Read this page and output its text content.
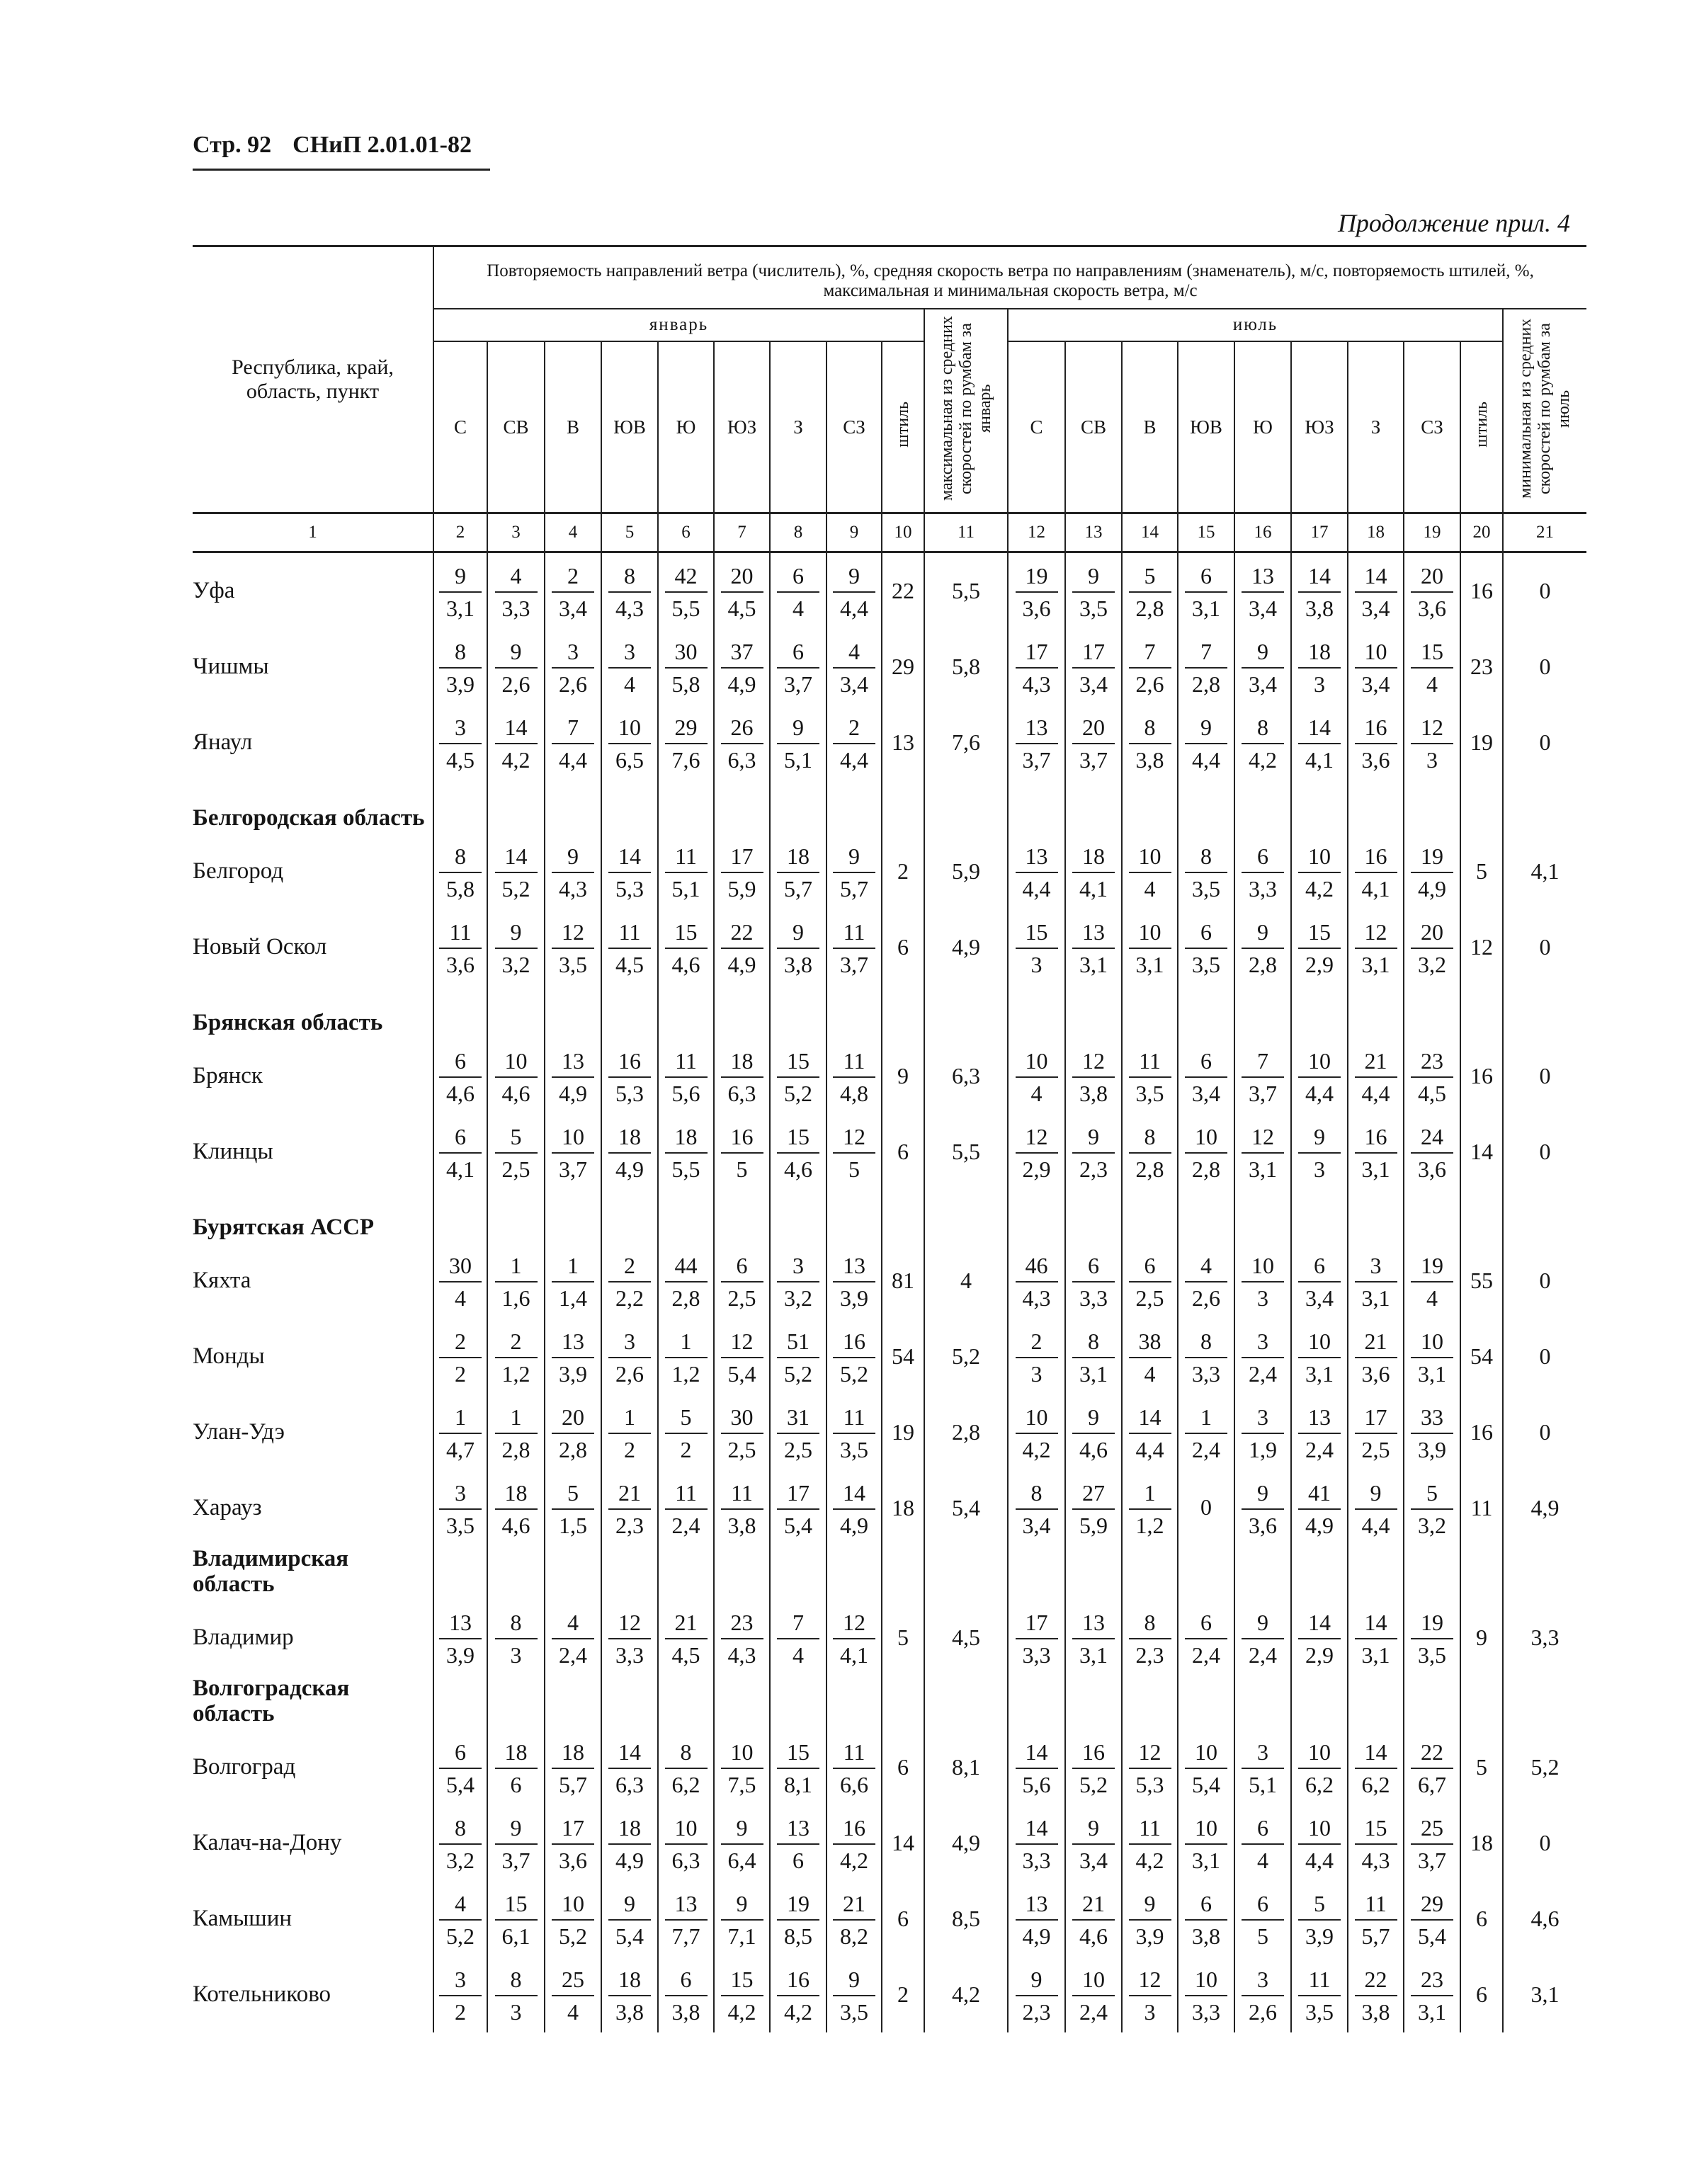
Стр. 92 СНиП 2.01.01-82
Продолжение прил. 4
Республика, край, область, пункт	Повторяемость направлений ветра (числитель), %, средняя скорость ветра по направлениям (знаменатель), м/с, повторяемость штилей, %, максимальная и минимальная скорость ветра, м/с																			
	январь									максимальная из средних скоростей по румбам за январь	июль									минимальная из средних скоростей по румбам за июль
	С	СВ	В	ЮВ	Ю	ЮЗ	З	СЗ	штиль		С	СВ	В	ЮВ	Ю	ЮЗ	З	СЗ	штиль	
1	2	3	4	5	6	7	8	9	10	11	12	13	14	15	16	17	18	19	20	21
Уфа	$\frac{9}{3,1}$	$\frac{4}{3,3}$	$\frac{2}{3,4}$	$\frac{8}{4,3}$	$\frac{42}{5,5}$	$\frac{20}{4,5}$	$\frac{6}{4}$	$\frac{9}{4,4}$	22	5,5	$\frac{19}{3,6}$	$\frac{9}{3,5}$	$\frac{5}{2,8}$	$\frac{6}{3,1}$	$\frac{13}{3,4}$	$\frac{14}{3,8}$	$\frac{14}{3,4}$	$\frac{20}{3,6}$	16	0
Чишмы	$\frac{8}{3,9}$	$\frac{9}{2,6}$	$\frac{3}{2,6}$	$\frac{3}{4}$	$\frac{30}{5,8}$	$\frac{37}{4,9}$	$\frac{6}{3,7}$	$\frac{4}{3,4}$	29	5,8	$\frac{17}{4,3}$	$\frac{17}{3,4}$	$\frac{7}{2,6}$	$\frac{7}{2,8}$	$\frac{9}{3,4}$	$\frac{18}{3}$	$\frac{10}{3,4}$	$\frac{15}{4}$	23	0
Янаул	$\frac{3}{4,5}$	$\frac{14}{4,2}$	$\frac{7}{4,4}$	$\frac{10}{6,5}$	$\frac{29}{7,6}$	$\frac{26}{6,3}$	$\frac{9}{5,1}$	$\frac{2}{4,4}$	13	7,6	$\frac{13}{3,7}$	$\frac{20}{3,7}$	$\frac{8}{3,8}$	$\frac{9}{4,4}$	$\frac{8}{4,2}$	$\frac{14}{4,1}$	$\frac{16}{3,6}$	$\frac{12}{3}$	19	0
Белгородская область																				
Белгород	$\frac{8}{5,8}$	$\frac{14}{5,2}$	$\frac{9}{4,3}$	$\frac{14}{5,3}$	$\frac{11}{5,1}$	$\frac{17}{5,9}$	$\frac{18}{5,7}$	$\frac{9}{5,7}$	2	5,9	$\frac{13}{4,4}$	$\frac{18}{4,1}$	$\frac{10}{4}$	$\frac{8}{3,5}$	$\frac{6}{3,3}$	$\frac{10}{4,2}$	$\frac{16}{4,1}$	$\frac{19}{4,9}$	5	4,1
Новый Оскол	$\frac{11}{3,6}$	$\frac{9}{3,2}$	$\frac{12}{3,5}$	$\frac{11}{4,5}$	$\frac{15}{4,6}$	$\frac{22}{4,9}$	$\frac{9}{3,8}$	$\frac{11}{3,7}$	6	4,9	$\frac{15}{3}$	$\frac{13}{3,1}$	$\frac{10}{3,1}$	$\frac{6}{3,5}$	$\frac{9}{2,8}$	$\frac{15}{2,9}$	$\frac{12}{3,1}$	$\frac{20}{3,2}$	12	0
Брянская область																				
Брянск	$\frac{6}{4,6}$	$\frac{10}{4,6}$	$\frac{13}{4,9}$	$\frac{16}{5,3}$	$\frac{11}{5,6}$	$\frac{18}{6,3}$	$\frac{15}{5,2}$	$\frac{11}{4,8}$	9	6,3	$\frac{10}{4}$	$\frac{12}{3,8}$	$\frac{11}{3,5}$	$\frac{6}{3,4}$	$\frac{7}{3,7}$	$\frac{10}{4,4}$	$\frac{21}{4,4}$	$\frac{23}{4,5}$	16	0
Клинцы	$\frac{6}{4,1}$	$\frac{5}{2,5}$	$\frac{10}{3,7}$	$\frac{18}{4,9}$	$\frac{18}{5,5}$	$\frac{16}{5}$	$\frac{15}{4,6}$	$\frac{12}{5}$	6	5,5	$\frac{12}{2,9}$	$\frac{9}{2,3}$	$\frac{8}{2,8}$	$\frac{10}{2,8}$	$\frac{12}{3,1}$	$\frac{9}{3}$	$\frac{16}{3,1}$	$\frac{24}{3,6}$	14	0
Бурятская АССР																				
Кяхта	$\frac{30}{4}$	$\frac{1}{1,6}$	$\frac{1}{1,4}$	$\frac{2}{2,2}$	$\frac{44}{2,8}$	$\frac{6}{2,5}$	$\frac{3}{3,2}$	$\frac{13}{3,9}$	81	4	$\frac{46}{4,3}$	$\frac{6}{3,3}$	$\frac{6}{2,5}$	$\frac{4}{2,6}$	$\frac{10}{3}$	$\frac{6}{3,4}$	$\frac{3}{3,1}$	$\frac{19}{4}$	55	0
Монды	$\frac{2}{2}$	$\frac{2}{1,2}$	$\frac{13}{3,9}$	$\frac{3}{2,6}$	$\frac{1}{1,2}$	$\frac{12}{5,4}$	$\frac{51}{5,2}$	$\frac{16}{5,2}$	54	5,2	$\frac{2}{3}$	$\frac{8}{3,1}$	$\frac{38}{4}$	$\frac{8}{3,3}$	$\frac{3}{2,4}$	$\frac{10}{3,1}$	$\frac{21}{3,6}$	$\frac{10}{3,1}$	54	0
Улан-Удэ	$\frac{1}{4,7}$	$\frac{1}{2,8}$	$\frac{20}{2,8}$	$\frac{1}{2}$	$\frac{5}{2}$	$\frac{30}{2,5}$	$\frac{31}{2,5}$	$\frac{11}{3,5}$	19	2,8	$\frac{10}{4,2}$	$\frac{9}{4,6}$	$\frac{14}{4,4}$	$\frac{1}{2,4}$	$\frac{3}{1,9}$	$\frac{13}{2,4}$	$\frac{17}{2,5}$	$\frac{33}{3,9}$	16	0
Харауз	$\frac{3}{3,5}$	$\frac{18}{4,6}$	$\frac{5}{1,5}$	$\frac{21}{2,3}$	$\frac{11}{2,4}$	$\frac{11}{3,8}$	$\frac{17}{5,4}$	$\frac{14}{4,9}$	18	5,4	$\frac{8}{3,4}$	$\frac{27}{5,9}$	$\frac{1}{1,2}$	0	$\frac{9}{3,6}$	$\frac{41}{4,9}$	$\frac{9}{4,4}$	$\frac{5}{3,2}$	11	4,9
Владимирская область																				
Владимир	$\frac{13}{3,9}$	$\frac{8}{3}$	$\frac{4}{2,4}$	$\frac{12}{3,3}$	$\frac{21}{4,5}$	$\frac{23}{4,3}$	$\frac{7}{4}$	$\frac{12}{4,1}$	5	4,5	$\frac{17}{3,3}$	$\frac{13}{3,1}$	$\frac{8}{2,3}$	$\frac{6}{2,4}$	$\frac{9}{2,4}$	$\frac{14}{2,9}$	$\frac{14}{3,1}$	$\frac{19}{3,5}$	9	3,3
Волгоградская область																				
Волгоград	$\frac{6}{5,4}$	$\frac{18}{6}$	$\frac{18}{5,7}$	$\frac{14}{6,3}$	$\frac{8}{6,2}$	$\frac{10}{7,5}$	$\frac{15}{8,1}$	$\frac{11}{6,6}$	6	8,1	$\frac{14}{5,6}$	$\frac{16}{5,2}$	$\frac{12}{5,3}$	$\frac{10}{5,4}$	$\frac{3}{5,1}$	$\frac{10}{6,2}$	$\frac{14}{6,2}$	$\frac{22}{6,7}$	5	5,2
Калач-на-Дону	$\frac{8}{3,2}$	$\frac{9}{3,7}$	$\frac{17}{3,6}$	$\frac{18}{4,9}$	$\frac{10}{6,3}$	$\frac{9}{6,4}$	$\frac{13}{6}$	$\frac{16}{4,2}$	14	4,9	$\frac{14}{3,3}$	$\frac{9}{3,4}$	$\frac{11}{4,2}$	$\frac{10}{3,1}$	$\frac{6}{4}$	$\frac{10}{4,4}$	$\frac{15}{4,3}$	$\frac{25}{3,7}$	18	0
Камышин	$\frac{4}{5,2}$	$\frac{15}{6,1}$	$\frac{10}{5,2}$	$\frac{9}{5,4}$	$\frac{13}{7,7}$	$\frac{9}{7,1}$	$\frac{19}{8,5}$	$\frac{21}{8,2}$	6	8,5	$\frac{13}{4,9}$	$\frac{21}{4,6}$	$\frac{9}{3,9}$	$\frac{6}{3,8}$	$\frac{6}{5}$	$\frac{5}{3,9}$	$\frac{11}{5,7}$	$\frac{29}{5,4}$	6	4,6
Котельниково	$\frac{3}{2}$	$\frac{8}{3}$	$\frac{25}{4}$	$\frac{18}{3,8}$	$\frac{6}{3,8}$	$\frac{15}{4,2}$	$\frac{16}{4,2}$	$\frac{9}{3,5}$	2	4,2	$\frac{9}{2,3}$	$\frac{10}{2,4}$	$\frac{12}{3}$	$\frac{10}{3,3}$	$\frac{3}{2,6}$	$\frac{11}{3,5}$	$\frac{22}{3,8}$	$\frac{23}{3,1}$	6	3,1
